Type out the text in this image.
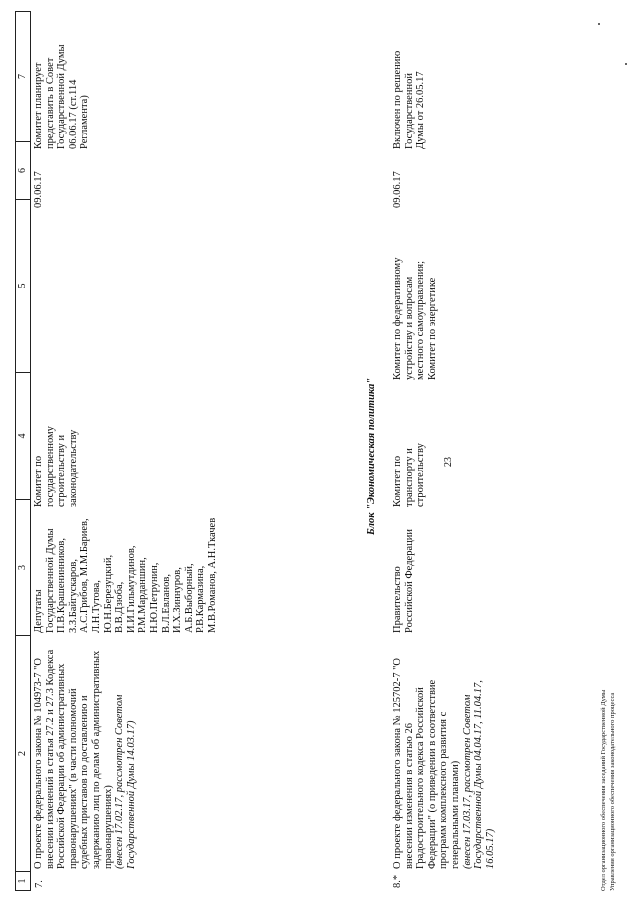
23
1
2
3
4
5
6
7
7.

О проекте федерального закона № 104973-7 "О внесении изменений в статья 27.2 и 27.3 Кодекса Российской Федерации об административных правонарушениях" (в части полномочий судебных приставов по доставлению и задержанию лиц по делам об административных правонарушениях) (внесен 17.02.17, рассмотрен Советом Государственной Думы 14.03.17)

Депутаты Государственной Думы П.В.Крашенинников, З.З.Байгускаров, А.С.Грибов, М.М.Бариев, Л.Н.Тутова, Ю.Н.Березуцкий, В.В.Дзюба, И.И.Гильмутдинов, Р.М.Марданшин, Н.Ю.Петрунин, В.Л.Евланов, И.Х.Зиннуров, А.Б.Выборный, Р.В.Кармазина, М.В.Романов, А.Н.Ткачев
Комитет по государственному строительству и законодательству
09.06.17
Комитет планирует представить в Совет Государственной Думы 06.06.17 (ст.114 Регламента)
Блок "Экономическая политика"
8.*

О проекте федерального закона № 125702-7 "О внесении изменения в статью 26 Градостроительного кодекса Российской Федерации" (о приведении в соответствие программ комплексного развития с генеральными планами) (внесен 17.03.17, рассмотрен Советом Государственной Думы 04.04.17, 11.04.17, 16.05.17)

Правительство Российской Федерации
Комитет по транспорту и строительству
Комитет по федеративному устройству и вопросам местного самоуправления; Комитет по энергетике
09.06.17
Включен по решению Государственной Думы от 26.05.17
Отдел организационного обеспечения заседаний Государственной Думы Управления организационного обеспечения законодательного процесса
